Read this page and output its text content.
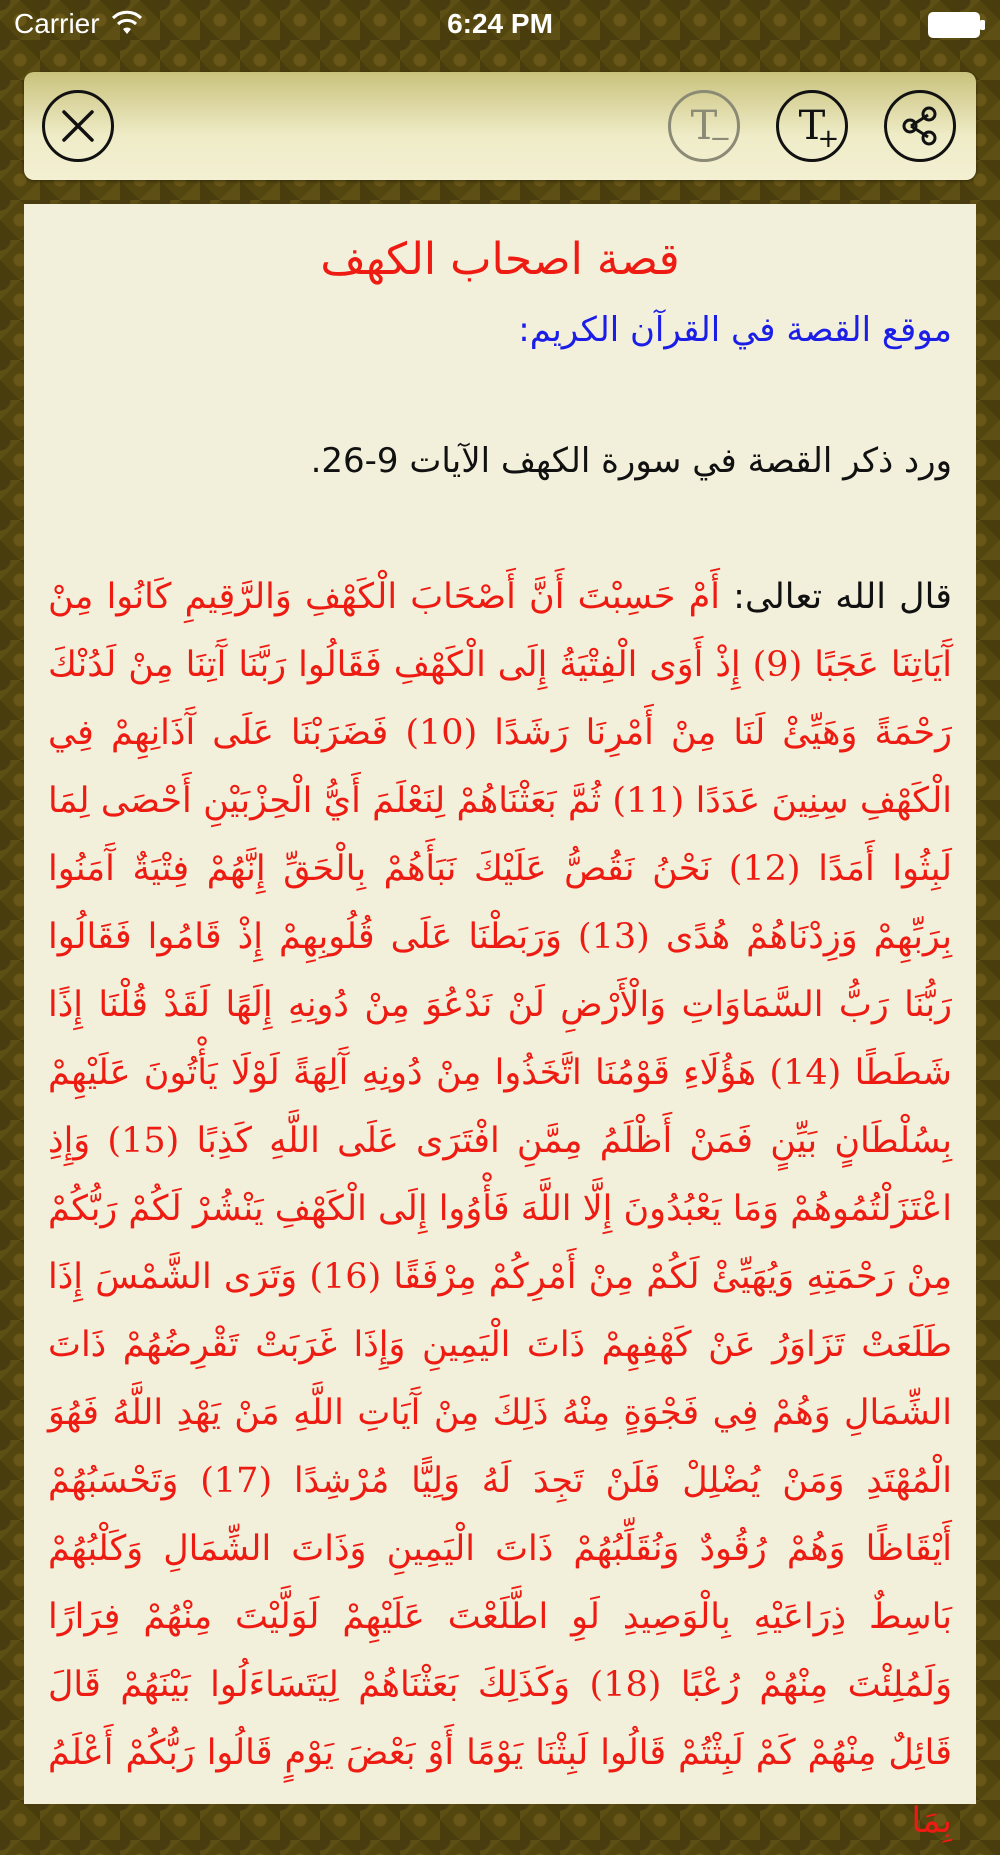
Carrier	6:24 PM
T
− T
+
قصة اصحاب الكهف

موقع القصة في القرآن الكريم:

ورد ذكر القصة في سورة الكهف الآيات 9-26.

قال الله تعالى: أَمْ حَسِبْتَ أَنَّ أَصْحَابَ الْكَهْفِ وَالرَّقِيمِ كَانُوا مِنْ آَيَاتِنَا عَجَبًا (9) إِذْ أَوَى الْفِتْيَةُ إِلَى الْكَهْفِ فَقَالُوا رَبَّنَا آَتِنَا مِنْ لَدُنْكَ رَحْمَةً وَهَيِّئْ لَنَا مِنْ أَمْرِنَا رَشَدًا (10) فَضَرَبْنَا عَلَى آَذَانِهِمْ فِي الْكَهْفِ سِنِينَ عَدَدًا (11) ثُمَّ بَعَثْنَاهُمْ لِنَعْلَمَ أَيُّ الْحِزْبَيْنِ أَحْصَى لِمَا لَبِثُوا أَمَدًا (12) نَحْنُ نَقُصُّ عَلَيْكَ نَبَأَهُمْ بِالْحَقِّ إِنَّهُمْ فِتْيَةٌ آَمَنُوا بِرَبِّهِمْ وَزِدْنَاهُمْ هُدًى (13) وَرَبَطْنَا عَلَى قُلُوبِهِمْ إِذْ قَامُوا فَقَالُوا رَبُّنَا رَبُّ السَّمَاوَاتِ وَالْأَرْضِ لَنْ نَدْعُوَ مِنْ دُونِهِ إِلَهًا لَقَدْ قُلْنَا إِذًا شَطَطًا (14) هَؤُلَاءِ قَوْمُنَا اتَّخَذُوا مِنْ دُونِهِ آَلِهَةً لَوْلَا يَأْتُونَ عَلَيْهِمْ بِسُلْطَانٍ بَيِّنٍ فَمَنْ أَظْلَمُ مِمَّنِ افْتَرَى عَلَى اللَّهِ كَذِبًا (15) وَإِذِ اعْتَزَلْتُمُوهُمْ وَمَا يَعْبُدُونَ إِلَّا اللَّهَ فَأْوُوا إِلَى الْكَهْفِ يَنْشُرْ لَكُمْ رَبُّكُمْ مِنْ رَحْمَتِهِ وَيُهَيِّئْ لَكُمْ مِنْ أَمْرِكُمْ مِرْفَقًا (16) وَتَرَى الشَّمْسَ إِذَا طَلَعَتْ تَزَاوَرُ عَنْ كَهْفِهِمْ ذَاتَ الْيَمِينِ وَإِذَا غَرَبَتْ تَقْرِضُهُمْ ذَاتَ الشِّمَالِ وَهُمْ فِي فَجْوَةٍ مِنْهُ ذَلِكَ مِنْ آَيَاتِ اللَّهِ مَنْ يَهْدِ اللَّهُ فَهُوَ الْمُهْتَدِ وَمَنْ يُضْلِلْ فَلَنْ تَجِدَ لَهُ وَلِيًّا مُرْشِدًا (17) وَتَحْسَبُهُمْ أَيْقَاظًا وَهُمْ رُقُودٌ وَنُقَلِّبُهُمْ ذَاتَ الْيَمِينِ وَذَاتَ الشِّمَالِ وَكَلْبُهُمْ بَاسِطٌ ذِرَاعَيْهِ بِالْوَصِيدِ لَوِ اطَّلَعْتَ عَلَيْهِمْ لَوَلَّيْتَ مِنْهُمْ فِرَارًا وَلَمُلِئْتَ مِنْهُمْ رُعْبًا (18) وَكَذَلِكَ بَعَثْنَاهُمْ لِيَتَسَاءَلُوا بَيْنَهُمْ قَالَ قَائِلٌ مِنْهُمْ كَمْ لَبِثْتُمْ قَالُوا لَبِثْنَا يَوْمًا أَوْ بَعْضَ يَوْمٍ قَالُوا رَبُّكُمْ أَعْلَمُ بِمَا
